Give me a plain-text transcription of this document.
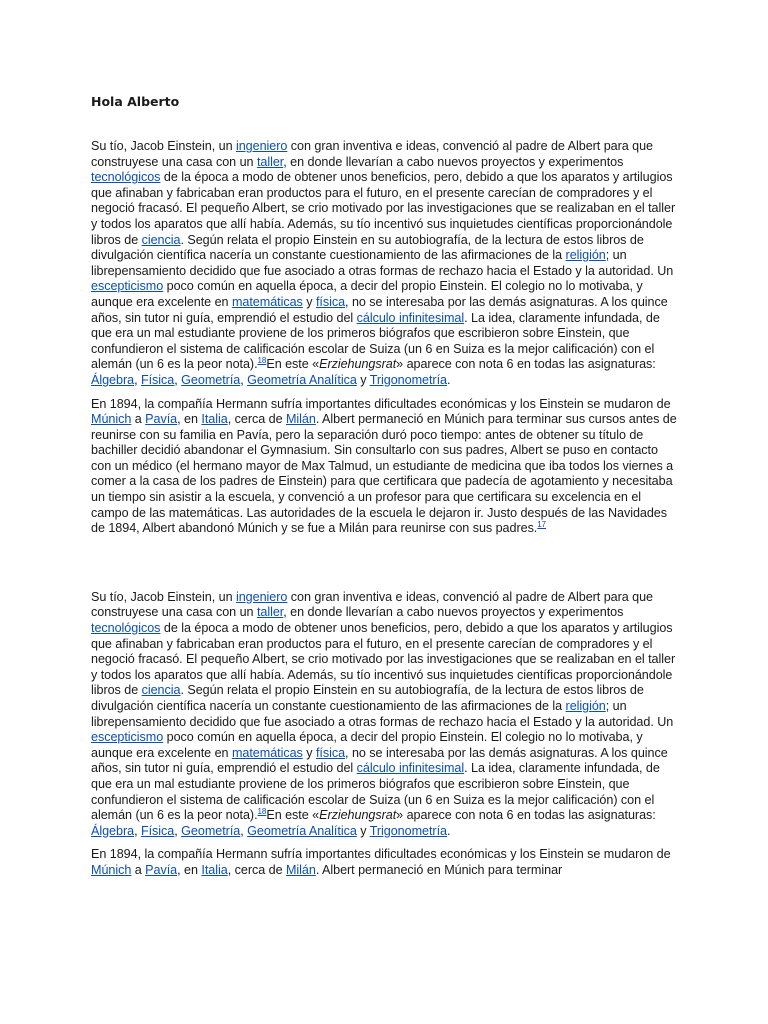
Hola Alberto

Su tío, Jacob Einstein, un ingeniero con gran inventiva e ideas, convenció al padre de Albert para que construyese una casa con un taller, en donde llevarían a cabo nuevos proyectos y experimentos tecnológicos de la época a modo de obtener unos beneficios, pero, debido a que los aparatos y artilugios que afinaban y fabricaban eran productos para el futuro, en el presente carecían de compradores y el negoció fracasó. El pequeño Albert, se crio motivado por las investigaciones que se realizaban en el taller y todos los aparatos que allí había. Además, su tío incentivó sus inquietudes científicas proporcionándole libros de ciencia. Según relata el propio Einstein en su autobiografía, de la lectura de estos libros de divulgación científica nacería un constante cuestionamiento de las afirmaciones de la religión; un librepensamiento decidido que fue asociado a otras formas de rechazo hacia el Estado y la autoridad. Un escepticismo poco común en aquella época, a decir del propio Einstein. El colegio no lo motivaba, y aunque era excelente en matemáticas y física, no se interesaba por las demás asignaturas. A los quince años, sin tutor ni guía, emprendió el estudio del cálculo infinitesimal. La idea, claramente infundada, de que era un mal estudiante proviene de los primeros biógrafos que escribieron sobre Einstein, que confundieron el sistema de calificación escolar de Suiza (un 6 en Suiza es la mejor calificación) con el alemán (un 6 es la peor nota).$^{18}$En este «Erziehungsrat» aparece con nota 6 en todas las asignaturas: Álgebra, Física, Geometría, Geometría Analítica y Trigonometría.

En 1894, la compañía Hermann sufría importantes dificultades económicas y los Einstein se mudaron de Múnich a Pavía, en Italia, cerca de Milán. Albert permaneció en Múnich para terminar sus cursos antes de reunirse con su familia en Pavía, pero la separación duró poco tiempo: antes de obtener su título de bachiller decidió abandonar el Gymnasium. Sin consultarlo con sus padres, Albert se puso en contacto con un médico (el hermano mayor de Max Talmud, un estudiante de medicina que iba todos los viernes a comer a la casa de los padres de Einstein) para que certificara que padecía de agotamiento y necesitaba un tiempo sin asistir a la escuela, y convenció a un profesor para que certificara su excelencia en el campo de las matemáticas. Las autoridades de la escuela le dejaron ir. Justo después de las Navidades de 1894, Albert abandonó Múnich y se fue a Milán para reunirse con sus padres.$^{17}$

Su tío, Jacob Einstein, un ingeniero con gran inventiva e ideas, convenció al padre de Albert para que construyese una casa con un taller, en donde llevarían a cabo nuevos proyectos y experimentos tecnológicos de la época a modo de obtener unos beneficios, pero, debido a que los aparatos y artilugios que afinaban y fabricaban eran productos para el futuro, en el presente carecían de compradores y el negoció fracasó. El pequeño Albert, se crio motivado por las investigaciones que se realizaban en el taller y todos los aparatos que allí había. Además, su tío incentivó sus inquietudes científicas proporcionándole libros de ciencia. Según relata el propio Einstein en su autobiografía, de la lectura de estos libros de divulgación científica nacería un constante cuestionamiento de las afirmaciones de la religión; un librepensamiento decidido que fue asociado a otras formas de rechazo hacia el Estado y la autoridad. Un escepticismo poco común en aquella época, a decir del propio Einstein. El colegio no lo motivaba, y aunque era excelente en matemáticas y física, no se interesaba por las demás asignaturas. A los quince años, sin tutor ni guía, emprendió el estudio del cálculo infinitesimal. La idea, claramente infundada, de que era un mal estudiante proviene de los primeros biógrafos que escribieron sobre Einstein, que confundieron el sistema de calificación escolar de Suiza (un 6 en Suiza es la mejor calificación) con el alemán (un 6 es la peor nota).$^{18}$En este «Erziehungsrat» aparece con nota 6 en todas las asignaturas: Álgebra, Física, Geometría, Geometría Analítica y Trigonometría.

En 1894, la compañía Hermann sufría importantes dificultades económicas y los Einstein se mudaron de Múnich a Pavía, en Italia, cerca de Milán. Albert permaneció en Múnich para terminar
